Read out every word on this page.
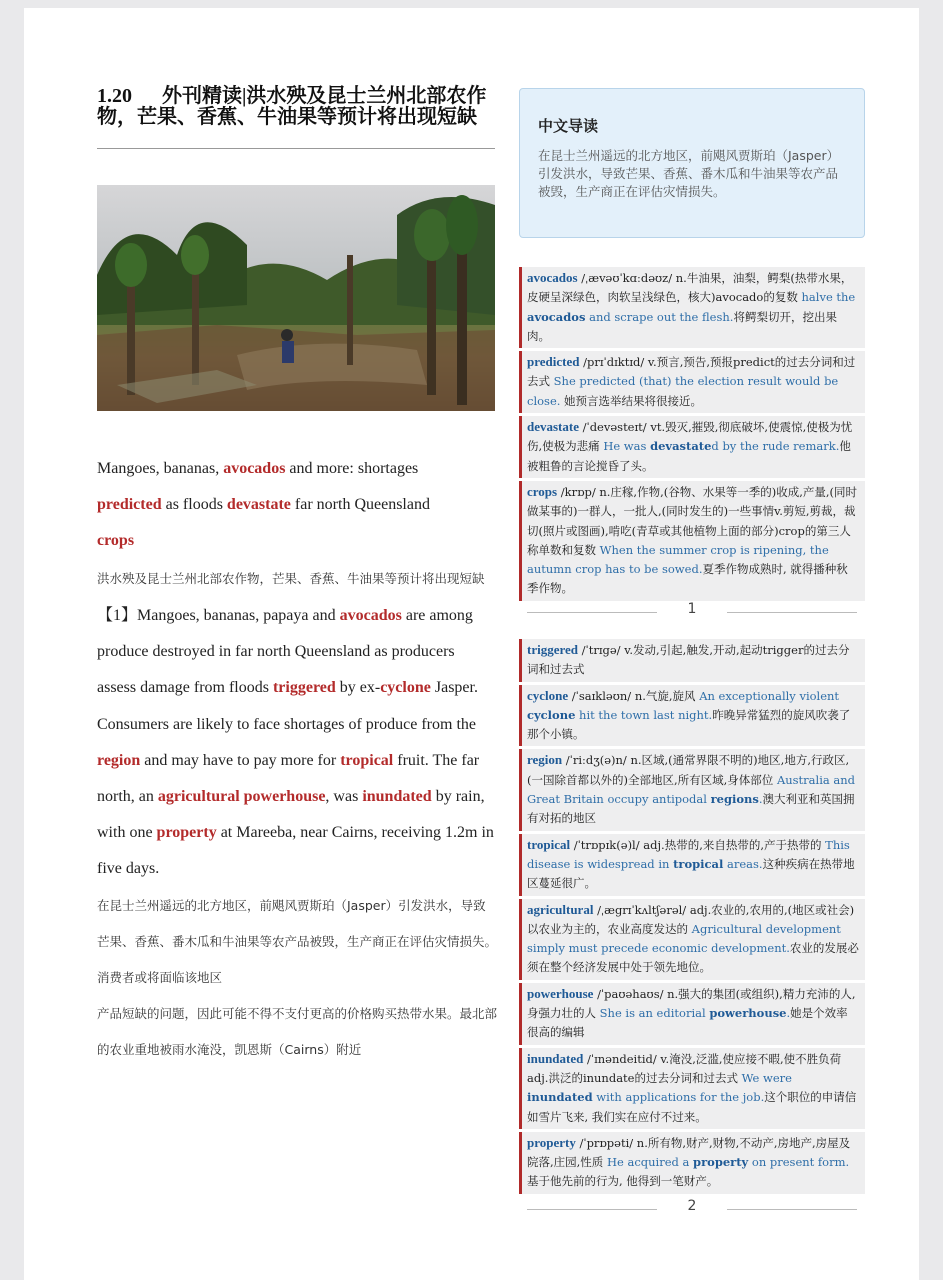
1.20 外刊精读|洪水殃及昆士兰州北部农作物，芒果、香蕉、牛油果等预计将出现短缺
Mangoes, bananas, avocados and more: shortages
predicted as floods devastate far north Queensland
crops
洪水殃及昆士兰州北部农作物，芒果、香蕉、牛油果等预计将出现短缺
【1】Mangoes, bananas, papaya and avocados are among produce destroyed in far north Queensland as producers assess damage from floods triggered by ex-cyclone Jasper. Consumers are likely to face shortages of produce from the region and may have to pay more for tropical fruit. The far north, an agricultural powerhouse, was inundated by rain, with one property at Mareeba, near Cairns, receiving 1.2m in five days.
在昆士兰州遥远的北方地区，前飓风贾斯珀（Jasper）引发洪水，导致芒果、香蕉、番木瓜和牛油果等农产品被毁，生产商正在评估灾情损失。
消费者或将面临该地区
产品短缺的问题，因此可能不得不支付更高的价格购买热带水果。最北部的农业重地被雨水淹没，凯恩斯（Cairns）附近
中文导读

在昆士兰州遥远的北方地区，前飓风贾斯珀（Jasper）引发洪水，导致芒果、香蕉、番木瓜和牛油果等农产品被毁，生产商正在评估灾情损失。

avocados /ˌævəʊˈkɑːdəʊz/ n.牛油果，油梨，鳄梨(热带水果，皮硬呈深绿色，肉软呈浅绿色，核大)avocado的复数 halve the avocados and scrape out the flesh.将鳄梨切开，挖出果肉。
predicted /prɪˈdɪktɪd/ v.预言,预告,预报predict的过去分词和过去式 She predicted (that) the election result would be close. 她预言选举结果将很接近。
devastate /ˈdevəsteɪt/ vt.毁灭,摧毁,彻底破坏,使震惊,使极为忧伤,使极为悲痛 He was devastated by the rude remark.他被粗鲁的言论搅昏了头。
crops /krɒp/ n.庄稼,作物,(谷物、水果等一季的)收成,产量,(同时做某事的)一群人，一批人,(同时发生的)一些事情v.剪短,剪裁，裁切(照片或图画),啃吃(青草或其他植物上面的部分)crop的第三人称单数和复数 When the summer crop is ripening, the autumn crop has to be sowed.夏季作物成熟时, 就得播种秋季作物。
1
triggered /ˈtrɪgə/ v.发动,引起,触发,开动,起动trigger的过去分词和过去式
cyclone /ˈsaɪkləʊn/ n.气旋,旋风 An exceptionally violent cyclone hit the town last night.昨晚异常猛烈的旋风吹袭了那个小镇。
region /ˈriːdʒ(ə)n/ n.区域,(通常界限不明的)地区,地方,行政区,(一国除首都以外的)全部地区,所有区域,身体部位 Australia and Great Britain occupy antipodal regions.澳大利亚和英国拥有对拓的地区
tropical /ˈtrɒpɪk(ə)l/ adj.热带的,来自热带的,产于热带的 This disease is widespread in tropical areas.这种疾病在热带地区蔓延很广。
agricultural /ˌægrɪˈkʌltʃərəl/ adj.农业的,农用的,(地区或社会)以农业为主的，农业高度发达的 Agricultural development simply must precede economic development.农业的发展必须在整个经济发展中处于领先地位。
powerhouse /ˈpaʊəhaʊs/ n.强大的集团(或组织),精力充沛的人,身强力壮的人 She is an editorial powerhouse.她是个效率很高的编辑
inundated /ˈɪnəndeitid/ v.淹没,泛滥,使应接不暇,使不胜负荷adj.洪泛的inundate的过去分词和过去式 We were inundated with applications for the job.这个职位的申请信如雪片飞来, 我们实在应付不过来。
property /ˈprɒpəti/ n.所有物,财产,财物,不动产,房地产,房屋及院落,庄园,性质 He acquired a property on present form.基于他先前的行为, 他得到一笔财产。
2
